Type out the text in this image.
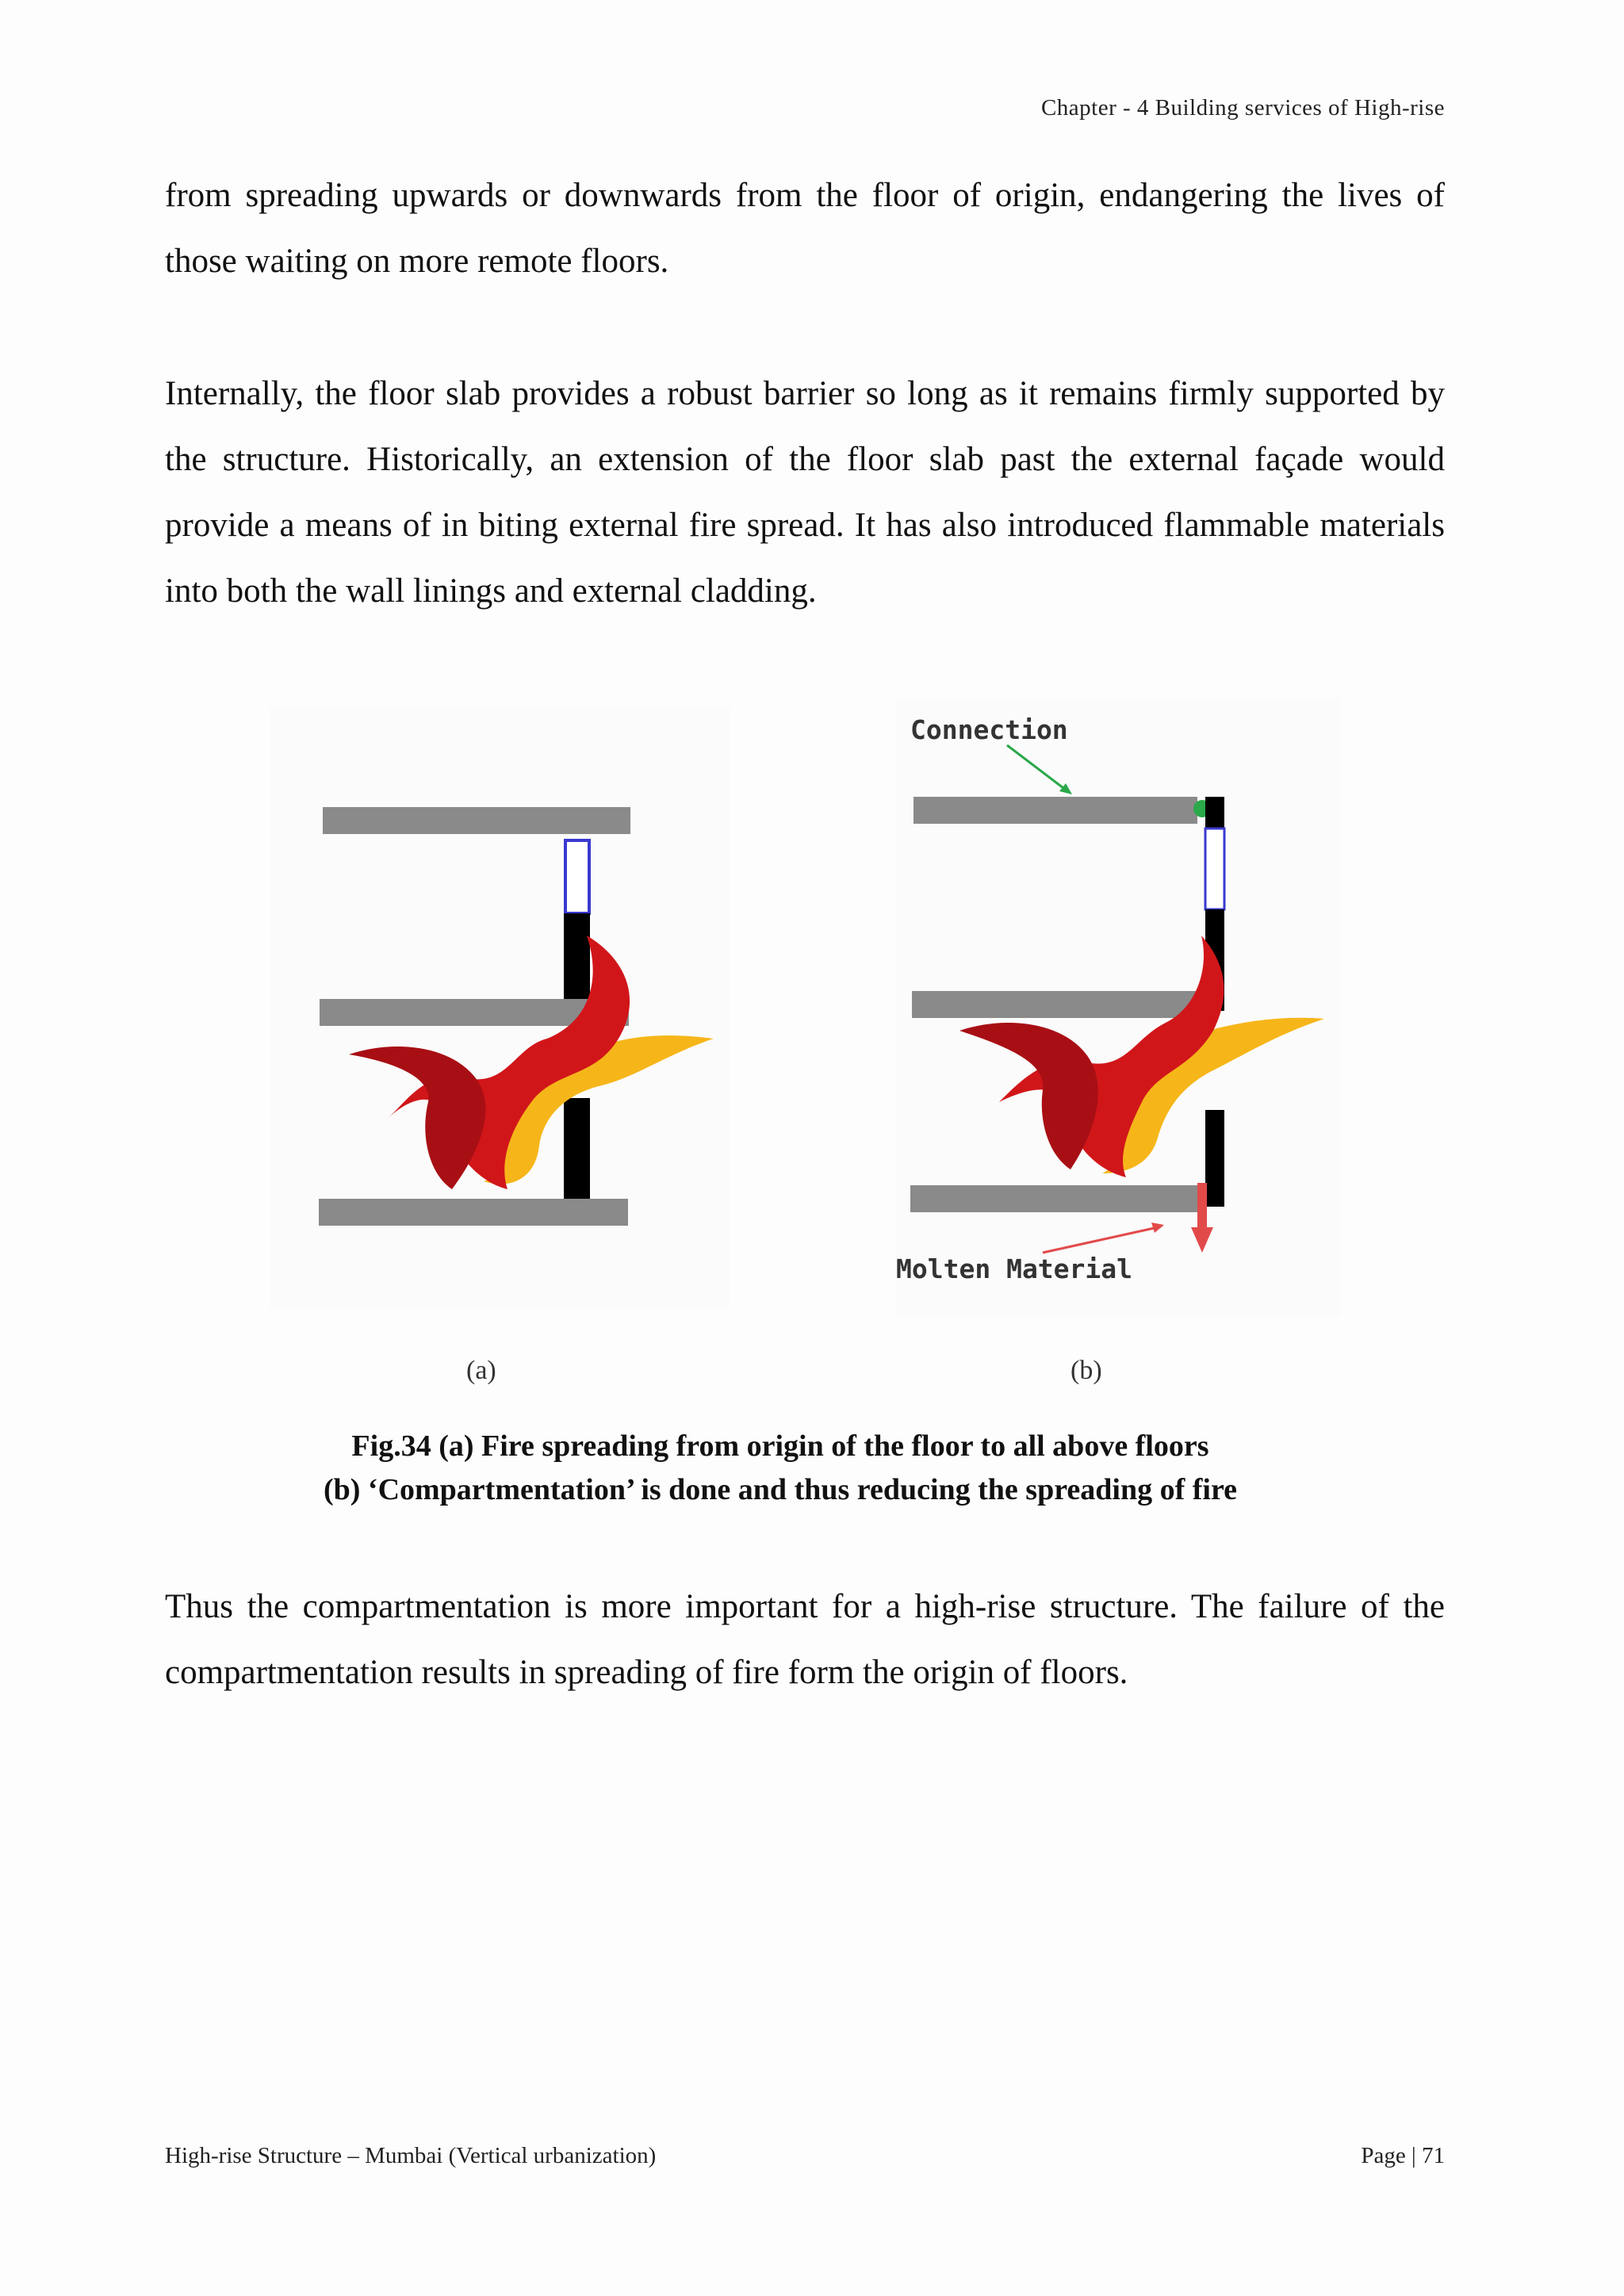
Chapter - 4 Building services of High-rise

from spreading upwards or downwards from the floor of origin, endangering the lives of those waiting on more remote floors.

Internally, the floor slab provides a robust barrier so long as it remains firmly supported by the structure. Historically, an extension of the floor slab past the external façade would provide a means of in biting external fire spread. It has also introduced flammable materials into both the wall linings and external cladding.

(a)
Connection
Molten Material
(b)
Fig.34 (a) Fire spreading from origin of the floor to all above floors
(b) ‘Compartmentation’ is done and thus reducing the spreading of fire

Thus the compartmentation is more important for a high-rise structure. The failure of the compartmentation results in spreading of fire form the origin of floors.

High-rise Structure – Mumbai (Vertical urbanization)	Page | 71
